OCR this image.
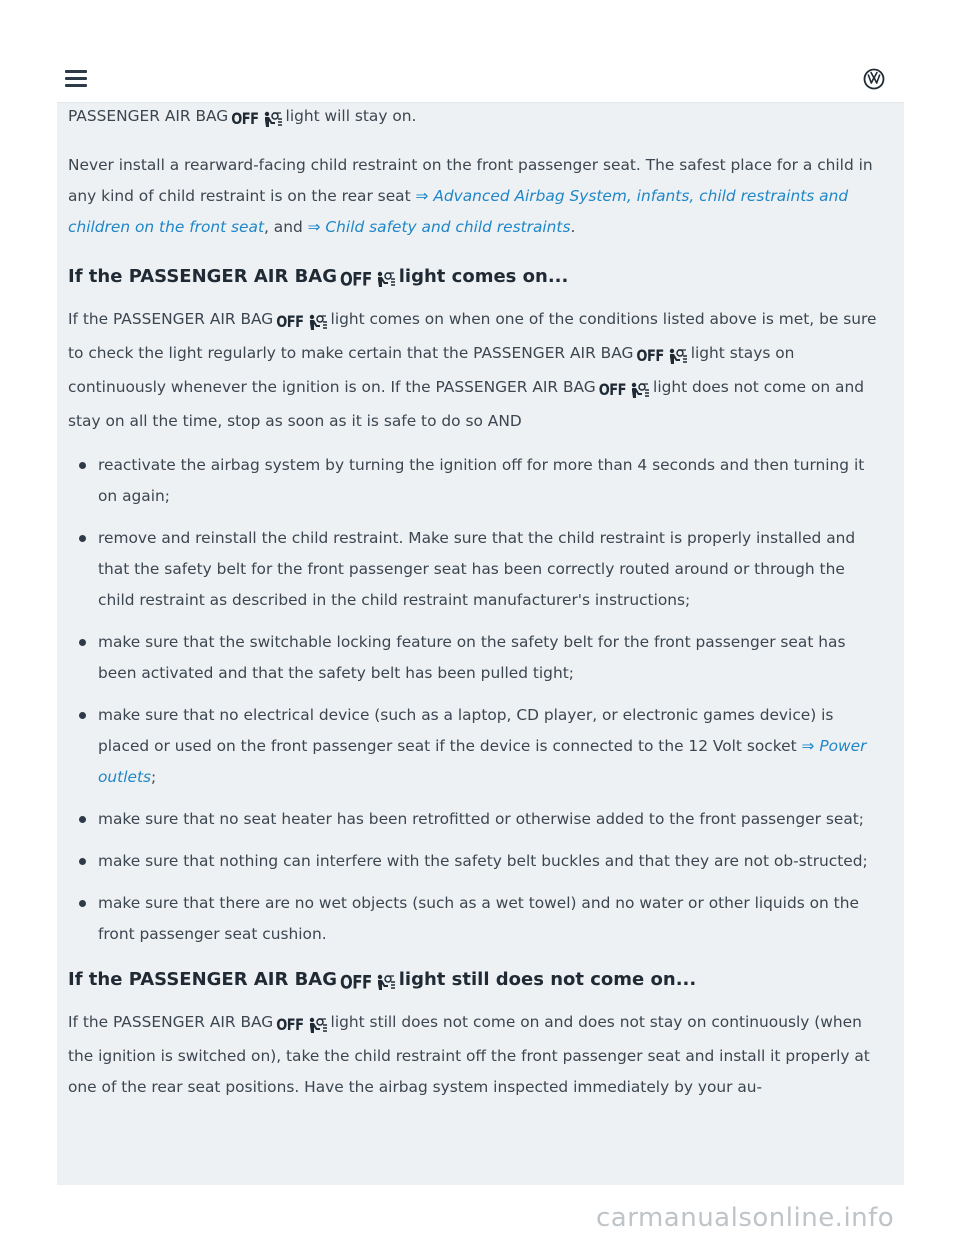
PASSENGER AIR BAG OFF light will stay on.

Never install a rearward-facing child restraint on the front passenger seat. The safest place for a child in any kind of child restraint is on the rear seat ⇒ Advanced Airbag System, infants, child restraints and children on the front seat, and ⇒ Child safety and child restraints.

If the PASSENGER AIR BAG OFF light comes on...

If the PASSENGER AIR BAG OFF light comes on when one of the conditions listed above is met, be sure to check the light regularly to make certain that the PASSENGER AIR BAG OFF light stays on continuously whenever the ignition is on. If the PASSENGER AIR BAG OFF light does not come on and stay on all the time, stop as soon as it is safe to do so AND

reactivate the airbag system by turning the ignition off for more than 4 seconds and then turning it on again;
remove and reinstall the child restraint. Make sure that the child restraint is properly installed and that the safety belt for the front passenger seat has been correctly routed around or through the child restraint as described in the child restraint manufacturer's instructions;
make sure that the switchable locking feature on the safety belt for the front passenger seat has been activated and that the safety belt has been pulled tight;
make sure that no electrical device (such as a laptop, CD player, or electronic games device) is placed or used on the front passenger seat if the device is connected to the 12 Volt socket ⇒ Power outlets;
make sure that no seat heater has been retrofitted or otherwise added to the front passenger seat;
make sure that nothing can interfere with the safety belt buckles and that they are not ob-structed;
make sure that there are no wet objects (such as a wet towel) and no water or other liquids on the front passenger seat cushion.
If the PASSENGER AIR BAG OFF light still does not come on...

If the PASSENGER AIR BAG OFF light still does not come on and does not stay on continuously (when the ignition is switched on), take the child restraint off the front passenger seat and install it properly at one of the rear seat positions. Have the airbag system inspected immediately by your au-

carmanualsonline.info
